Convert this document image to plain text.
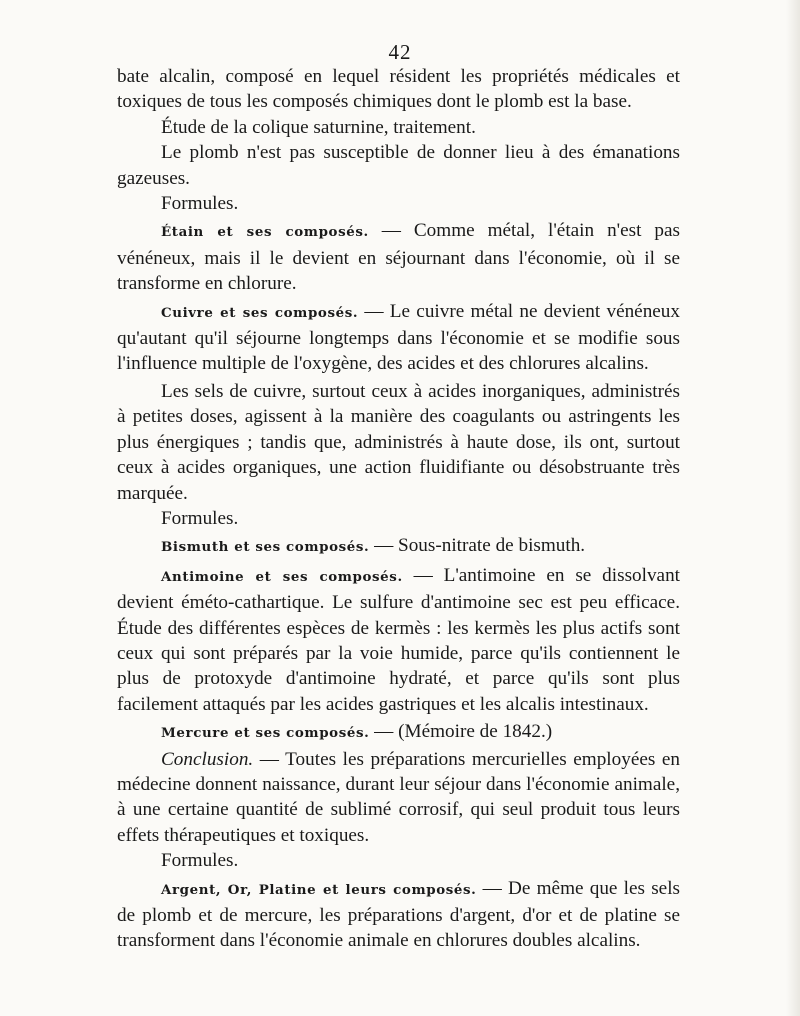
42

bate alcalin, composé en lequel résident les propriétés médicales et toxiques de tous les composés chimiques dont le plomb est la base.

Étude de la colique saturnine, traitement.

Le plomb n'est pas susceptible de donner lieu à des émanations gazeuses.

Formules.

Étain et ses composés. — Comme métal, l'étain n'est pas vénéneux, mais il le devient en séjournant dans l'économie, où il se transforme en chlorure.

Cuivre et ses composés. — Le cuivre métal ne devient vénéneux qu'autant qu'il séjourne longtemps dans l'économie et se modifie sous l'influence multiple de l'oxygène, des acides et des chlorures alcalins.

Les sels de cuivre, surtout ceux à acides inorganiques, administrés à petites doses, agissent à la manière des coagulants ou astringents les plus énergiques ; tandis que, administrés à haute dose, ils ont, surtout ceux à acides organiques, une action fluidifiante ou désobstruante très marquée.

Formules.

Bismuth et ses composés. — Sous-nitrate de bismuth.

Antimoine et ses composés. — L'antimoine en se dissolvant devient éméto-cathartique. Le sulfure d'antimoine sec est peu efficace. Étude des différentes espèces de kermès : les kermès les plus actifs sont ceux qui sont préparés par la voie humide, parce qu'ils contiennent le plus de protoxyde d'antimoine hydraté, et parce qu'ils sont plus facilement attaqués par les acides gastriques et les alcalis intestinaux.

Mercure et ses composés. — (Mémoire de 1842.)

Conclusion. — Toutes les préparations mercurielles employées en médecine donnent naissance, durant leur séjour dans l'économie animale, à une certaine quantité de sublimé corrosif, qui seul produit tous leurs effets thérapeutiques et toxiques.

Formules.

Argent, Or, Platine et leurs composés. — De même que les sels de plomb et de mercure, les préparations d'argent, d'or et de platine se transforment dans l'économie animale en chlorures doubles alcalins.
